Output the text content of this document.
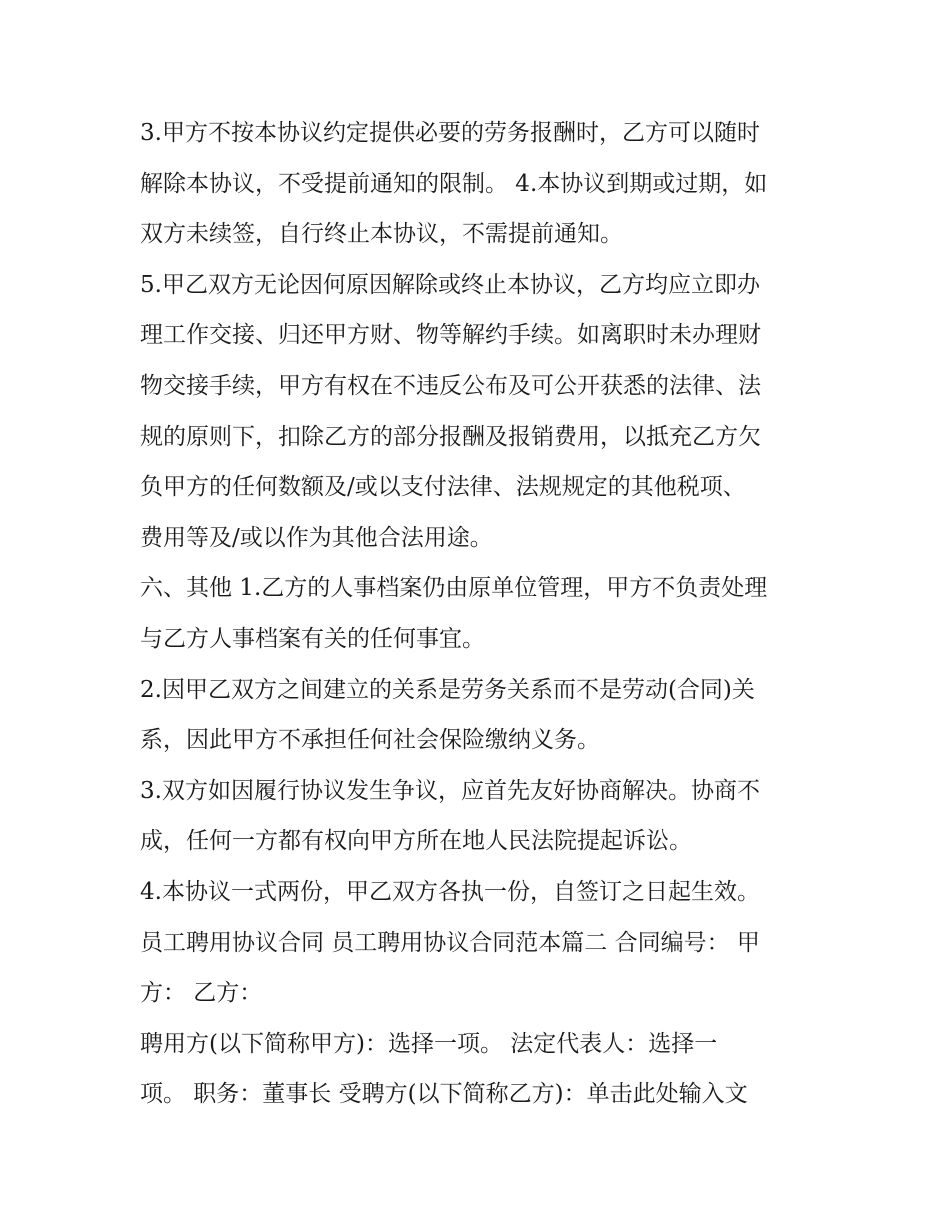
3.甲方不按本协议约定提供必要的劳务报酬时，乙方可以随时
解除本协议，不受提前通知的限制。 4.本协议到期或过期，如
双方未续签，自行终止本协议，不需提前通知。
5.甲乙双方无论因何原因解除或终止本协议，乙方均应立即办
理工作交接、归还甲方财、物等解约手续。如离职时未办理财
物交接手续，甲方有权在不违反公布及可公开获悉的法律、法
规的原则下，扣除乙方的部分报酬及报销费用，以抵充乙方欠
负甲方的任何数额及/或以支付法律、法规规定的其他税项、
费用等及/或以作为其他合法用途。
六、其他 1.乙方的人事档案仍由原单位管理，甲方不负责处理
与乙方人事档案有关的任何事宜。
2.因甲乙双方之间建立的关系是劳务关系而不是劳动(合同)关
系，因此甲方不承担任何社会保险缴纳义务。
3.双方如因履行协议发生争议，应首先友好协商解决。协商不
成，任何一方都有权向甲方所在地人民法院提起诉讼。
4.本协议一式两份，甲乙双方各执一份，自签订之日起生效。
员工聘用协议合同 员工聘用协议合同范本篇二 合同编号： 甲
方： 乙方：
聘用方(以下简称甲方)：选择一项。 法定代表人：选择一
项。 职务：董事长 受聘方(以下简称乙方)：单击此处输入文
